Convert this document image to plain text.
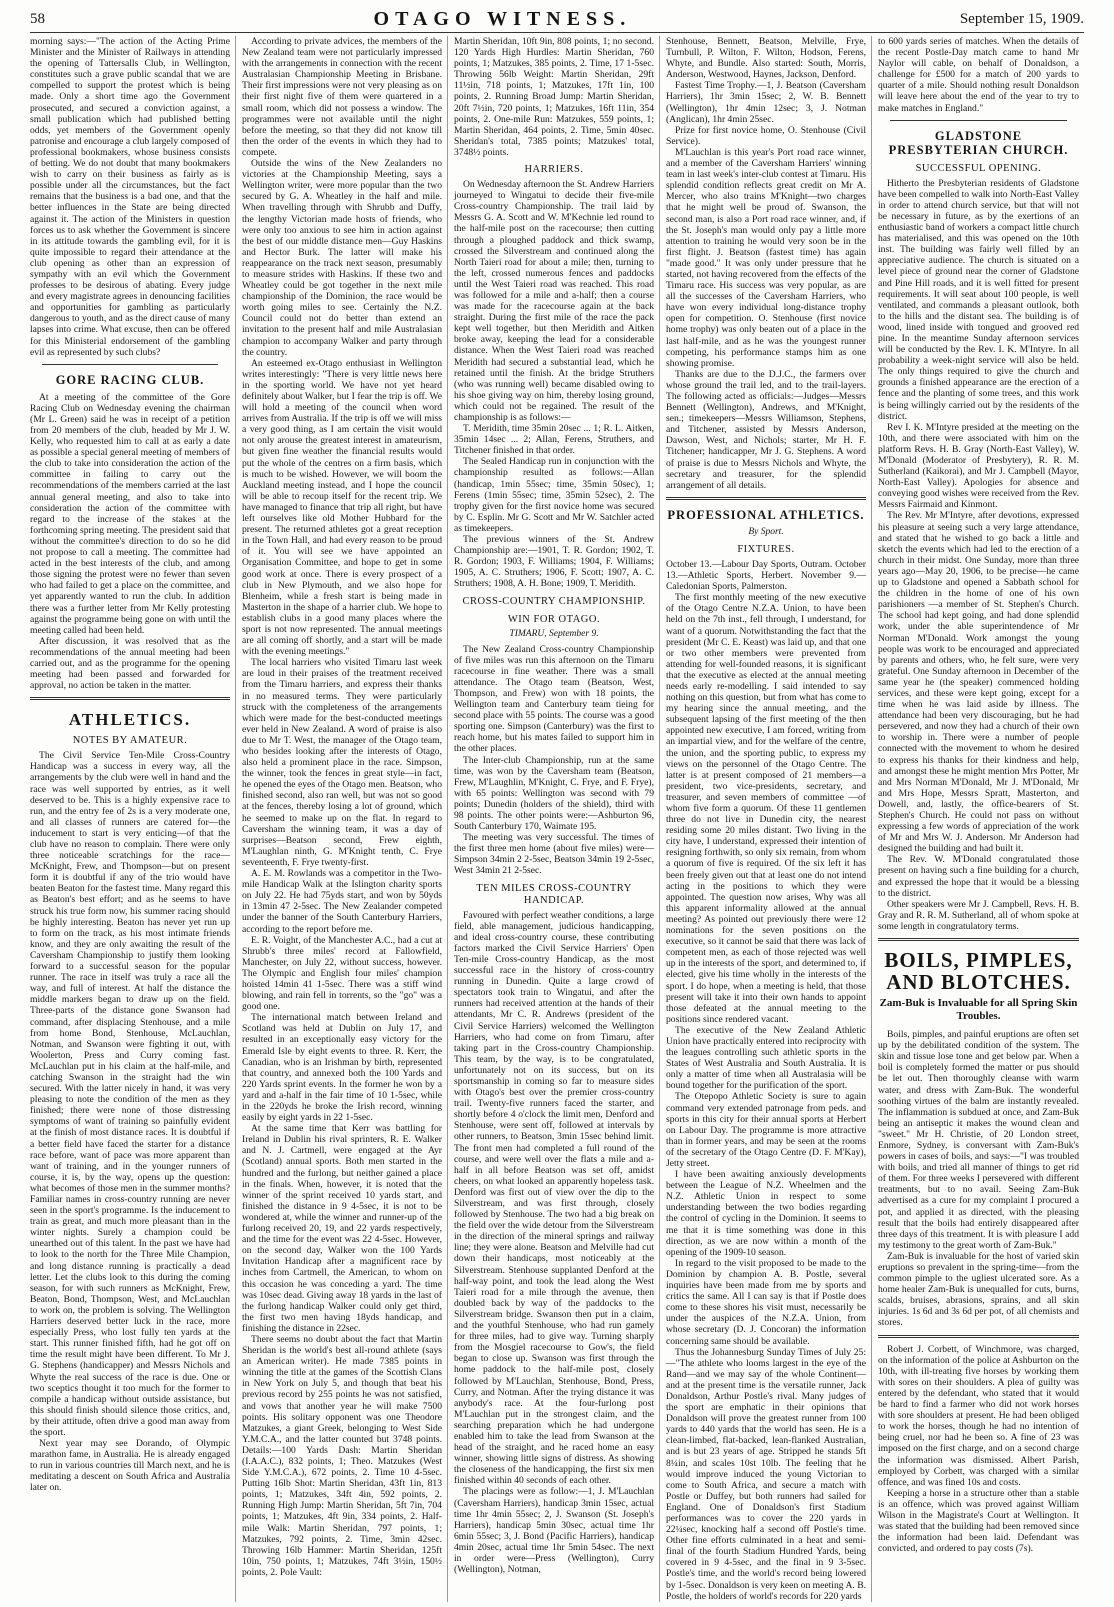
58	OTAGO WITNESS.	September 15, 1909.

morning says:—"The action of the Acting Prime Minister and the Minister of Railways in attending the opening of Tattersalls Club, in Wellington, constitutes such a grave public scandal that we are compelled to support the protest which is being made. Only a short time ago the Government prosecuted, and secured a conviction against, a small publication which had published betting odds, yet members of the Government openly patronise and encourage a club largely composed of professional bookmakers, whose business consists of betting. We do not doubt that many bookmakers wish to carry on their business as fairly as is possible under all the circumstances, but the fact remains that the business is a bad one, and that the better influences in the State are being directed against it. The action of the Ministers in question forces us to ask whether the Government is sincere in its attitude towards the gambling evil, for it is quite impossible to regard their attendance at the club opening as other than an expression of sympathy with an evil which the Government professes to be desirous of abating. Every judge and every magistrate agrees in denouncing facilities and opportunities for gambling as particularly dangerous to youth, and as the direct cause of many lapses into crime. What excuse, then can be offered for this Ministerial endorsement of the gambling evil as represented by such clubs?

GORE RACING CLUB.

At a meeting of the committee of the Gore Racing Club on Wednesday evening the chairman (Mr L. Green) said he was in receipt of a petition from 20 members of the club, headed by Mr J. W. Kelly, who requested him to call at as early a date as possible a special general meeting of members of the club to take into consideration the action of the committee in failing to carry out the recommendations of the members carried at the last annual general meeting, and also to take into consideration the action of the committee with regard to the increase of the stakes at the forthcoming spring meeting. The president said that without the committee's direction to do so he did not propose to call a meeting. The committee had acted in the best interests of the club, and among those signing the protest were no fewer than seven who had failed to get a place on the committee, and yet apparently wanted to run the club. In addition there was a further letter from Mr Kelly protesting against the programme being gone on with until the meeting called had been held.

After discussion, it was resolved that as the recommendations of the annual meeting had been carried out, and as the programme for the opening meeting had been passed and forwarded for approval, no action be taken in the matter.

ATHLETICS.
NOTES BY AMATEUR.

The Civil Service Ten-Mile Cross-Country Handicap was a success in every way, all the arrangements by the club were well in hand and the race was well supported by entries, as it well deserved to be. This is a highly expensive race to run, and the entry fee of 2s is a very moderate one, and all classes of runners are catered for—the inducement to start is very enticing—of that the club have no reason to complain. There were only three noticeable scratchings for the race—McKnight, Frew, and Thompson—but on present form it is doubtful if any of the trio would have beaten Beaton for the fastest time. Many regard this as Beaton's best effort; and as he seems to have struck his true form now, his summer racing should be highly interesting. Beaton has never yet run up to form on the track, as his most intimate friends know, and they are only awaiting the result of the Caversham Championship to justify them looking forward to a successful season for the popular runner. The race in itself was truly a race all the way, and full of interest. At half the distance the middle markers began to draw up on the field. Three-parts of the distance gone Swanson had command, after displacing Stenhouse, and a mile from home Bond, Stenhouse, McLauchlan, Notman, and Swanson were fighting it out, with Woolerton, Press and Curry coming fast. McLauchlan put in his claim at the half-mile, and catching Swanson in the straight had the win secured. With the latter nicely in hand, it was very pleasing to note the condition of the men as they finished; there were none of those distressing symptoms of want of training so painfully evident at the finish of most distance races. It is doubtful if a better field have faced the starter for a distance race before, want of pace was more apparent than want of training, and in the younger runners of course, it is, by the way, opens up the question: what becomes of those men in the summer months? Familiar names in cross-country running are never seen in the sport's programme. Is the inducement to train as great, and much more pleasant than in the winter nights. Surely a champion could be unearthed out of this talent. In the past we have had to look to the north for the Three Mile Champion, and long distance running is practically a dead letter. Let the clubs look to this during the coming season, for with such runners as McKnight, Frew, Beaton, Bond, Thompson, West, and McLauchlan to work on, the problem is solving. The Wellington Harriers deserved better luck in the race, more especially Press, who lost fully ten yards at the start. This runner finished fifth, had he got off on time the result might have been different. To Mr J. G. Stephens (handicapper) and Messrs Nichols and Whyte the real success of the race is due. One or two sceptics thought it too much for the former to compile a handicap without outside assistance, but this should finish should silence those critics, and, by their attitude, often drive a good man away from the sport.

Next year may see Dorando, of Olympic marathon fame, in Australia. He is already engaged to run in various countries till March next, and he is meditating a descent on South Africa and Australia later on.

According to private advices, the members of the New Zealand team were not particularly impressed with the arrangements in connection with the recent Australasian Championship Meeting in Brisbane. Their first impressions were not very pleasing as on their first night five of them were quartered in a small room, which did not possess a window. The programmes were not available until the night before the meeting, so that they did not know till then the order of the events in which they had to compete.

Outside the wins of the New Zealanders no victories at the Championship Meeting, says a Wellington writer, were more popular than the two secured by G. A. Wheatley in the half and mile. When travelling through with Shrubb and Duffy, the lengthy Victorian made hosts of friends, who were only too anxious to see him in action against the best of our middle distance men—Guy Haskins and Hector Burk. The latter will make his reappearance on the track next season, presumably to measure strides with Haskins. If these two and Wheatley could be got together in the next mile championship of the Dominion, the race would be worth going miles to see. Certainly the N.Z. Council could not do better than extend an invitation to the present half and mile Australasian champion to accompany Walker and party through the country.

An esteemed ex-Otago enthusiast in Wellington writes interestingly: "There is very little news here in the sporting world. We have not yet heard definitely about Walker, but I fear the trip is off. We will hold a meeting of the council when word arrives from Australia. If the trip is off we will miss a very good thing, as I am certain the visit would not only arouse the greatest interest in amateurism, but given fine weather the financial results would put the whole of the centres on a firm basis, which is much to be wished. However, we will boom the Auckland meeting instead, and I hope the council will be able to recoup itself for the recent trip. We have managed to finance that trip all right, but have left ourselves like old Mother Hubbard for the present. The returned athletes got a great reception in the Town Hall, and had every reason to be proud of it. You will see we have appointed an Organisation Committee, and hope to get in some good work at once. There is every prospect of a club in New Plymouth, and we also hope for Blenheim, while a fresh start is being made in Masterton in the shape of a harrier club. We hope to establish clubs in a good many places where the sport is not now represented. The annual meetings are all coming off shortly, and a start will be made with the evening meetings."

The local harriers who visited Timaru last week are loud in their praises of the treatment received from the Timaru harriers, and express their thanks in no measured terms. They were particularly struck with the completeness of the arrangements which were made for the best-conducted meetings ever held in New Zealand. A word of praise is also due to Mr T. West, the manager of the Otago team, who besides looking after the interests of Otago, also held a prominent place in the race. Simpson, the winner, took the fences in great style—in fact, he opened the eyes of the Otago men. Beatson, who finished second, also ran well, but was not so good at the fences, thereby losing a lot of ground, which he seemed to make up on the flat. In regard to Caversham the winning team, it was a day of surprises—Beatson second, Frew eighth, M'Laughlan ninth, G. M'Knight tenth, C. Frye seventeenth, F. Frye twenty-first.

A. E. M. Rowlands was a competitor in the Two-mile Handicap Walk at the Islington charity sports on July 22. He had 75yds start, and won by 50yds in 13min 47 2-5sec. The New Zealander competed under the banner of the South Canterbury Harriers, according to the report before me.

E. R. Voight, of the Manchester A.C., had a cut at Shrubb's three miles' record at Fallowfield, Manchester, on July 22, without success, however. The Olympic and English four miles' champion hoisted 14min 41 1-5sec. There was a stiff wind blowing, and rain fell in torrents, so the "go" was a good one.

The international match between Ireland and Scotland was held at Dublin on July 17, and resulted in an exceptionally easy victory for the Emerald Isle by eight events to three. R. Kerr, the Canadian, who is an Irishman by birth, represented that country, and annexed both the 100 Yards and 220 Yards sprint events. In the former he won by a yard and a-half in the fair time of 10 1-5sec, while in the 220yds he broke the Irish record, winning easily by eight yards in 22 1-5sec.

At the same time that Kerr was battling for Ireland in Dublin his rival sprinters, R. E. Walker and N. J. Cartmell, were engaged at the Ayr (Scotland) annual sports. Both men started in the hundred and the furlong, but neither gained a place in the finals. When, however, it is noted that the winner of the sprint received 10 yards start, and finished the distance in 9 4-5sec, it is not to be wondered at, while the winner and runner-up of the furlong received 20, 19, and 22 yards respectively, and the time for the event was 22 4-5sec. However, on the second day, Walker won the 100 Yards Invitation Handicap after a magnificent race by inches from Cartmell, the American, to whom on this occasion he was conceding a yard. The time was 10sec dead. Giving away 18 yards in the last of the furlong handicap Walker could only get third, the first two men having 18yds handicap, and finishing the distance in 22sec.

There seems no doubt about the fact that Martin Sheridan is the world's best all-round athlete (says an American writer). He made 7385 points in winning the title at the games of the Scottish Clans in New York on July 5, and though that beat his previous record by 255 points he was not satisfied, and vows that another year he will make 7500 points. His solitary opponent was one Theodore Matzukes, a giant Greek, belonging to West Side Y.M.C.A., and the latter counted but 3748 points. Details:—100 Yards Dash: Martin Sheridan (I.A.A.C.), 832 points, 1; Theo. Matzukes (West Side Y.M.C.A.), 672 points, 2. Time 10 4-5sec. Putting 16lb Shot: Martin Sheridan, 43ft 1in, 813 points, 1; Matzukes, 34ft 4in, 592 points, 2. Running High Jump: Martin Sheridan, 5ft 7in, 704 points, 1; Matzukes, 4ft 9in, 334 points, 2. Half-mile Walk: Martin Sheridan, 797 points, 1; Matzukes, 792 points, 2. Time, 3min 42sec. Throwing 16lb Hammer: Martin Sheridan, 125ft 10in, 750 points, 1; Matzukes, 74ft 3½in, 150½ points, 2. Pole Vault:

Martin Sheridan, 10ft 9in, 808 points, 1; no second. 120 Yards High Hurdles: Martin Sheridan, 760 points, 1; Matzukes, 385 points, 2. Time, 17 1-5sec. Throwing 56lb Weight: Martin Sheridan, 29ft 11½in, 718 points, 1; Matzukes, 17ft 1in, 100 points, 2. Running Broad Jump: Martin Sheridan, 20ft 7½in, 720 points, 1; Matzukes, 16ft 11in, 354 points, 2. One-mile Run: Matzukes, 559 points, 1; Martin Sheridan, 464 points, 2. Time, 5min 40sec. Sheridan's total, 7385 points; Matzukes' total, 3748½ points.

HARRIERS.

On Wednesday afternoon the St. Andrew Harriers journeyed to Wingatui to decide their five-mile Cross-country Championship. The trail laid by Messrs G. A. Scott and W. M'Kechnie led round to the half-mile post on the racecourse; then cutting through a ploughed paddock and thick swamp, crossed the Silverstream and continued along the North Taieri road for about a mile; then, turning to the left, crossed numerous fences and paddocks until the West Taieri road was reached. This road was followed for a mile and a-half; then a course was made for the racecourse again at the back straight. During the first mile of the race the pack kept well together, but then Meridith and Aitken broke away, keeping the lead for a considerable distance. When the West Taieri road was reached Meridith had secured a substantial lead, which he retained until the finish. At the bridge Struthers (who was running well) became disabled owing to his shoe giving way on him, thereby losing ground, which could not be regained. The result of the championship is as follows:—

T. Meridith, time 35min 20sec ... 1; R. L. Aitken, 35min 14sec ... 2; Allan, Ferens, Struthers, and Titchener finished in that order.

The Sealed Handicap run in conjunction with the championship resulted as follows:—Allan (handicap, 1min 55sec; time, 35min 50sec), 1; Ferens (1min 55sec; time, 35min 52sec), 2. The trophy given for the first novice home was secured by C. Esplin. Mr G. Scott and Mr W. Satchler acted as timekeepers.

The previous winners of the St. Andrew Championship are:—1901, T. R. Gordon; 1902, T. R. Gordon; 1903, F. Williams; 1904, F. Williams; 1905, A. C. Struthers; 1906, F. Scott; 1907, A. C. Struthers; 1908, A. H. Bone; 1909, T. Meridith.

CROSS-COUNTRY CHAMPIONSHIP.
WIN FOR OTAGO.
TIMARU, September 9.

The New Zealand Cross-country Championship of five miles was run this afternoon on the Timaru racecourse in fine weather. There was a small attendance. The Otago team (Beatson, West, Thompson, and Frew) won with 18 points, the Wellington team and Canterbury team tieing for second place with 55 points. The course was a good sporting one. Simpson (Canterbury) was the first to reach home, but his mates failed to support him in the other places.

The Inter-club Championship, run at the same time, was won by the Caversham team (Beatson, Frew, M'Laughlin, M'Knight, C. Frye, and F. Frye), with 65 points: Wellington was second with 79 points; Dunedin (holders of the shield), third with 98 points. The other points were:—Ashburton 96, South Canterbury 170, Waimate 195.

The meeting was very successful. The times of the first three men home (about five miles) were—Simpson 34min 2 2-5sec, Beatson 34min 19 2-5sec, West 34min 21 2-5sec.

TEN MILES CROSS-COUNTRY HANDICAP.

Favoured with perfect weather conditions, a large field, able management, judicious handicapping, and ideal cross-country course, these contributing factors marked the Civil Service Harriers' Open Ten-mile Cross-country Handicap, as the most successful race in the history of cross-country running in Dunedin. Quite a large crowd of spectators took train to Wingatui, and after the runners had received attention at the hands of their attendants, Mr C. R. Andrews (president of the Civil Service Harriers) welcomed the Wellington Harriers, who had come on from Timaru, after taking part in the Cross-country Championship. This team, by the way, is to be congratulated, unfortunately not on its success, but on its sportsmanship in coming so far to measure sides with Otago's best over the premier cross-country trail. Twenty-five runners faced the starter, and shortly before 4 o'clock the limit men, Denford and Stenhouse, were sent off, followed at intervals by other runners, to Beatson, 3min 15sec behind limit. The front men had completed a full round of the course, and were well over the flats a mile and a-half in all before Beatson was set off, amidst cheers, on what looked an apparently hopeless task. Denford was first out of view over the dip to the Silverstream, and was first through, closely followed by Stenhouse. The two had a big break on the field over the wide detour from the Silverstream in the direction of the mineral springs and railway line; they were alone. Beatson and Melville had cut down their handicaps, most noticeably at the Silverstream. Stenhouse supplanted Denford at the half-way point, and took the lead along the West Taieri road for a mile through the avenue, then doubled back by way of the paddocks to the Silverstream bridge. Swanson then put in a claim, and the youthful Stenhouse, who had run gamely for three miles, had to give way. Turning sharply from the Mosgiel racecourse to Gow's, the field began to close up. Swanson was first through the home paddock to the half-mile post, closely followed by M'Lauchlan, Stenhouse, Bond, Press, Curry, and Notman. After the trying distance it was anybody's race. At the four-furlong post M'Lauchlan put in the strongest claim, and the searching preparation which he had undergone enabled him to take the lead from Swanson at the head of the straight, and he raced home an easy winner, showing little signs of distress. As showing the closeness of the handicapping, the first six men finished within 40 seconds of each other.

The placings were as follow:—1, J. M'Lauchlan (Caversham Harriers), handicap 3min 15sec, actual time 1hr 4min 55sec; 2, J. Swanson (St. Joseph's Harriers), handicap 5min 30sec, actual time 1hr 6min 55sec; 3, J. Bond (Pacific Harriers), handicap 4min 20sec, actual time 1hr 5min 54sec. The next in order were—Press (Wellington), Curry (Wellington), Notman,

Stenhouse, Bennett, Beatson, Melville, Frye, Turnbull, P. Wilton, F. Wilton, Hodson, Ferens, Whyte, and Bundle. Also started: South, Morris, Anderson, Westwood, Haynes, Jackson, Denford.

Fastest Time Trophy.—1, J. Beatson (Caversham Harriers), 1hr 3min 15sec; 2, W. B. Bennett (Wellington), 1hr 4min 12sec; 3, J. Notman (Anglican), 1hr 4min 25sec.

Prize for first novice home, O. Stenhouse (Civil Service).

M'Lauchlan is this year's Port road race winner, and a member of the Caversham Harriers' winning team in last week's inter-club contest at Timaru. His splendid condition reflects great credit on Mr A. Mercer, who also trains M'Knight—two charges that he might well be proud of. Swanson, the second man, is also a Port road race winner, and, if the St. Joseph's man would only pay a little more attention to training he would very soon be in the first flight. J. Beatson (fastest time) has again "made good." It was only under pressure that he started, not having recovered from the effects of the Timaru race. His success was very popular, as are all the successes of the Caversham Harriers, who have won every individual long-distance trophy open for competition. O. Stenhouse (first novice home trophy) was only beaten out of a place in the last half-mile, and as he was the youngest runner competing, his performance stamps him as one showing promise.

Thanks are due to the D.J.C., the farmers over whose ground the trail led, and to the trail-layers. The following acted as officials:—Judges—Messrs Bennett (Wellington), Andrews, and M'Knight, sen.; timekeepers—Messrs Williamson, Stephens, and Titchener, assisted by Messrs Anderson, Dawson, West, and Nichols; starter, Mr H. F. Titchener; handicapper, Mr J. G. Stephens. A word of praise is due to Messrs Nichols and Whyte, the secretary and treasurer, for the splendid arrangement of all details.

PROFESSIONAL ATHLETICS.
By Sport.
FIXTURES.

October 13.—Labour Day Sports, Outram. October 13.—Athletic Sports, Herbert. November 9.—Caledonian Sports, Palmerston.

The first monthly meeting of the new executive of the Otago Centre N.Z.A. Union, to have been held on the 7th inst., fell through, I understand, for want of a quorum. Notwithstanding the fact that the president (Mr C. E. Keast) was laid up, and that one or two other members were prevented from attending for well-founded reasons, it is significant that the executive as elected at the annual meeting needs early re-modelling. I said intended to say nothing on this question, but from what has come to my hearing since the annual meeting, and the subsequent lapsing of the first meeting of the then appointed new executive, I am forced, writing from an impartial view, and for the welfare of the centre, the union, and the sporting public, to express my views on the personnel of the Otago Centre. The latter is at present composed of 21 members—a president, two vice-presidents, secretary, and treasurer, and seven members of committee —of whom five form a quorum. Of these 11 gentlemen three do not live in Dunedin city, the nearest residing some 20 miles distant. Two living in the city have, I understand, expressed their intention of resigning forthwith, so only six remain, from whom a quorum of five is required. Of the six left it has been freely given out that at least one do not intend acting in the positions to which they were appointed. The question now arises, Why was all this apparent informality allowed at the annual meeting? As pointed out previously there were 12 nominations for the seven positions on the executive, so it cannot be said that there was lack of competent men, as each of those rejected was well up in the interests of the sport, and determined to, if elected, give his time wholly in the interests of the sport. I do hope, when a meeting is held, that those present will take it into their own hands to appoint those defeated at the annual meeting to the positions since rendered vacant.

The executive of the New Zealand Athletic Union have practically entered into reciprocity with the leagues controlling such athletic sports in the States of West Australia and South Australia. It is only a matter of time when all Australasia will be bound together for the purification of the sport.

The Otepopo Athletic Society is sure to again command very extended patronage from peds. and sports in this city for their annual sports at Herbert on Labour Day. The programme is more attractive than in former years, and may be seen at the rooms of the secretary of the Otago Centre (D. F. M'Kay), Jetty street.

I have been awaiting anxiously developments between the League of N.Z. Wheelmen and the N.Z. Athletic Union in respect to some understanding between the two bodies regarding the control of cycling in the Dominion. It seems to me that it is time something was done in this direction, as we are now within a month of the opening of the 1909-10 season.

In regard to the visit proposed to be made to the Dominion by champion A. B. Postle, several inquiries have been made from me by sports and critics the same. All I can say is that if Postle does come to these shores his visit must, necessarily be under the auspices of the N.Z.A. Union, from whose secretary (D. J. Concoran) the information concerning same should be available.

Thus the Johannesburg Sunday Times of July 25:—"The athlete who looms largest in the eye of the Rand—and we may say of the whole Continent—and at the present time is the versatile runner, Jack Donaldson, Arthur Postle's rival. Many judges of the sport are emphatic in their opinions that Donaldson will prove the greatest runner from 100 yards to 440 yards that the world has seen. He is a clean-limbed, flat-backed, lean-flanked Australian, and is but 23 years of age. Stripped he stands 5ft 8¼in, and scales 10st 10lb. The feeling that he would improve induced the young Victorian to come to South Africa, and secure a match with Postle or Duffey, but both runners had sailed for England. One of Donaldson's first Stadium performances was to cover the 220 yards in 22¼sec, knocking half a second off Postle's time. Other fine efforts culminated in a heat and semi-final of the fourth Stadium Hundred Yards, being covered in 9 4-5sec, and the final in 9 3-5sec. Postle's time, and the world's record being lowered by 1-5sec. Donaldson is very keen on meeting A. B. Postle, the holders of world's records for 220 yards

to 600 yards series of matches. When the details of the recent Postle-Day match came to hand Mr Naylor will cable, on behalf of Donaldson, a challenge for £500 for a match of 200 yards to quarter of a mile. Should nothing result Donaldson will leave here about the end of the year to try to make matches in England."

GLADSTONE PRESBYTERIAN CHURCH.
SUCCESSFUL OPENING.

Hitherto the Presbyterian residents of Gladstone have been compelled to walk into North-East Valley in order to attend church service, but that will not be necessary in future, as by the exertions of an enthusiastic band of workers a compact little church has materialised, and this was opened on the 10th inst. The building was fairly well filled by an appreciative audience. The church is situated on a level piece of ground near the corner of Gladstone and Pine Hill roads, and it is well fitted for present requirements. It will seat about 100 people, is well ventilated, and commands a pleasant outlook, both to the hills and the distant sea. The building is of wood, lined inside with tongued and grooved red pine. In the meantime Sunday afternoon services will be conducted by the Rev. I. K. M'Intyre. In all probability a week-night service will also be held. The only things required to give the church and grounds a finished appearance are the erection of a fence and the planting of some trees, and this work is being willingly carried out by the residents of the district.

Rev I. K. M'Intyre presided at the meeting on the 10th, and there were associated with him on the platform Revs. H. B. Gray (North-East Valley), W. M'Donald (Moderator of Presbytery), R. R. M. Sutherland (Kaikorai), and Mr J. Campbell (Mayor, North-East Valley). Apologies for absence and conveying good wishes were received from the Rev. Messrs Fairmaid and Kinmont.

The Rev. Mr M'Intyre, after devotions, expressed his pleasure at seeing such a very large attendance, and stated that he wished to go back a little and sketch the events which had led to the erection of a church in their midst. One Sunday, more than three years ago—May 20, 1906, to be precise—he came up to Gladstone and opened a Sabbath school for the children in the home of one of his own parishioners —a member of St. Stephen's Church. The school had kept going, and had done splendid work, under the able superintendence of Mr Norman M'Donald. Work amongst the young people was work to be encouraged and appreciated by parents and others, who, he felt sure, were very grateful. One Sunday afternoon in December of the same year he (the speaker) commenced holding services, and these were kept going, except for a time when he was laid aside by illness. The attendance had been very discouraging, but he had persevered, and now they had a church of their own to worship in. There were a number of people connected with the movement to whom he desired to express his thanks for their kindness and help, and amongst these he might mention Mrs Potter, Mr and Mrs Norman M'Donald, Mr J. M'Donald, Mr and Mrs Hope, Messrs Spratt, Masterton, and Dowell, and, lastly, the office-bearers of St. Stephen's Church. He could not pass on without expressing a few words of appreciation of the work of Mr and Mrs W. J. Anderson. Mr Anderson had designed the building and had built it.

The Rev. W. M'Donald congratulated those present on having such a fine building for a church, and expressed the hope that it would be a blessing to the district.

Other speakers were Mr J. Campbell, Revs. H. B. Gray and R. R. M. Sutherland, all of whom spoke at some length in congratulatory terms.

BOILS, PIMPLES, AND BLOTCHES.
Zam-Buk is Invaluable for all Spring Skin Troubles.

Boils, pimples, and painful eruptions are often set up by the debilitated condition of the system. The skin and tissue lose tone and get below par. When a boil is completely formed the matter or pus should be let out. Then thoroughly cleanse with warm water, and dress with Zam-Buk. The wonderful soothing virtues of the balm are instantly revealed. The inflammation is subdued at once, and Zam-Buk being an antiseptic it makes the wound clean and "sweet." Mr H. Christie, of 20 London street, Enmore, Sydney, is conversant with Zam-Buk's powers in cases of boils, and says:—"I was troubled with boils, and tried all manner of things to get rid of them. For three weeks I persevered with different treatments, but to no avail. Seeing Zam-Buk advertised as a cure for my complaint I procured a pot, and applied it as directed, with the pleasing result that the boils had entirely disappeared after three days of this treatment. It is with pleasure I add my testimony to the great worth of Zam-Buk."

Zam-Buk is invaluable for the host of varied skin eruptions so prevalent in the spring-time—from the common pimple to the ugliest ulcerated sore. As a home healer Zam-Buk is unequalled for cuts, burns, scalds, bruises, abrasions, sprains, and all skin injuries. 1s 6d and 3s 6d per pot, of all chemists and stores.

Robert J. Corbett, of Winchmore, was charged, on the information of the police at Ashburton on the 10th, with ill-treating five horses by working them with sores on their shoulders. A plea of guilty was entered by the defendant, who stated that it would be hard to find a farmer who did not work horses with sore shoulders at present. He had been obliged to work the horses, though he had no intention of being cruel, nor had he been so. A fine of 23 was imposed on the first charge, and on a second charge the information was dismissed. Albert Parish, employed by Corbett, was charged with a similar offence, and was fined 10s and costs.

Keeping a horse in a structure other than a stable is an offence, which was proved against William Wilson in the Magistrate's Court at Wellington. It was stated that the building had been removed since the information had been laid. Defendant was convicted, and ordered to pay costs (7s).
